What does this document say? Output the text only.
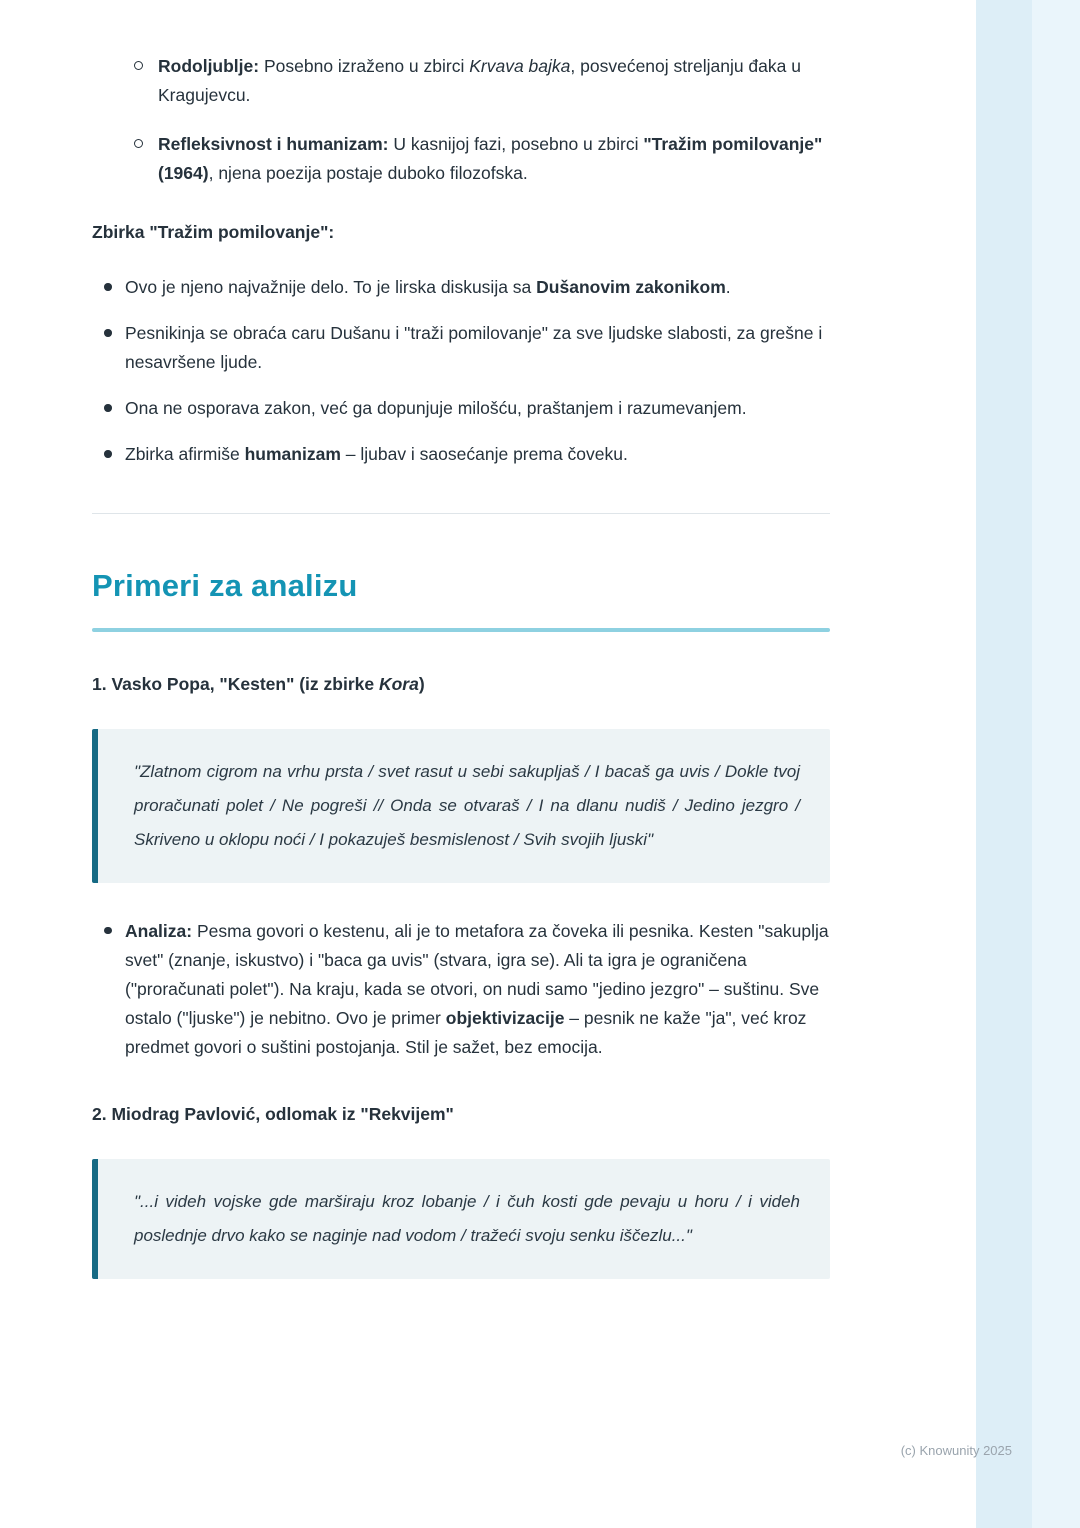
Rodoljublje: Posebno izraženo u zbirci Krvava bajka, posvećenoj streljanju đaka u Kragujevcu.
Refleksivnost i humanizam: U kasnijoj fazi, posebno u zbirci "Tražim pomilovanje" (1964), njena poezija postaje duboko filozofska.

Zbirka "Tražim pomilovanje":

Ovo je njeno najvažnije delo. To je lirska diskusija sa Dušanovim zakonikom.
Pesnikinja se obraća caru Dušanu i "traži pomilovanje" za sve ljudske slabosti, za grešne i nesavršene ljude.
Ona ne osporava zakon, već ga dopunjuje milošću, praštanjem i razumevanjem.
Zbirka afirmiše humanizam – ljubav i saosećanje prema čoveku.
Primeri za analizu

1. Vasko Popa, "Kesten" (iz zbirke Kora)

"Zlatnom cigrom na vrhu prsta / svet rasut u sebi sakupljaš / I bacaš ga uvis / Dokle tvoj proračunati polet / Ne pogreši // Onda se otvaraš / I na dlanu nudiš / Jedino jezgro / Skriveno u oklopu noći / I pokazuješ besmislenost / Svih svojih ljuski"

Analiza: Pesma govori o kestenu, ali je to metafora za čoveka ili pesnika. Kesten "sakuplja svet" (znanje, iskustvo) i "baca ga uvis" (stvara, igra se). Ali ta igra je ograničena ("proračunati polet"). Na kraju, kada se otvori, on nudi samo "jedino jezgro" – suštinu. Sve ostalo ("ljuske") je nebitno. Ovo je primer objektivizacije – pesnik ne kaže "ja", već kroz predmet govori o suštini postojanja. Stil je sažet, bez emocija.

2. Miodrag Pavlović, odlomak iz "Rekvijem"

"...i videh vojske gde marširaju kroz lobanje / i čuh kosti gde pevaju u horu / i videh poslednje drvo kako se naginje nad vodom / tražeći svoju senku iščezlu..."

(c) Knowunity 2025
